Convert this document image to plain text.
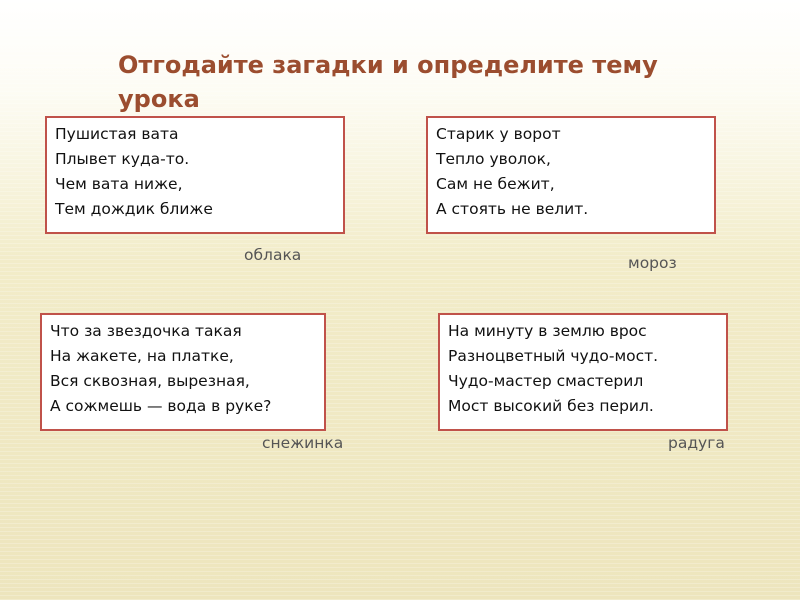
Отгодайте загадки и определите тему урока
Пушистая вата
Плывет куда-то.
Чем вата ниже,
Тем дождик ближе
облака
Старик у ворот
Тепло уволок,
Сам не бежит,
А стоять не велит.
мороз
Что за звездочка такая
На жакете, на платке,
Вся сквозная, вырезная,
А сожмешь — вода в руке?
снежинка
На минуту в землю врос
Разноцветный чудо-мост.
Чудо-мастер смастерил
Мост высокий без перил.
радуга
